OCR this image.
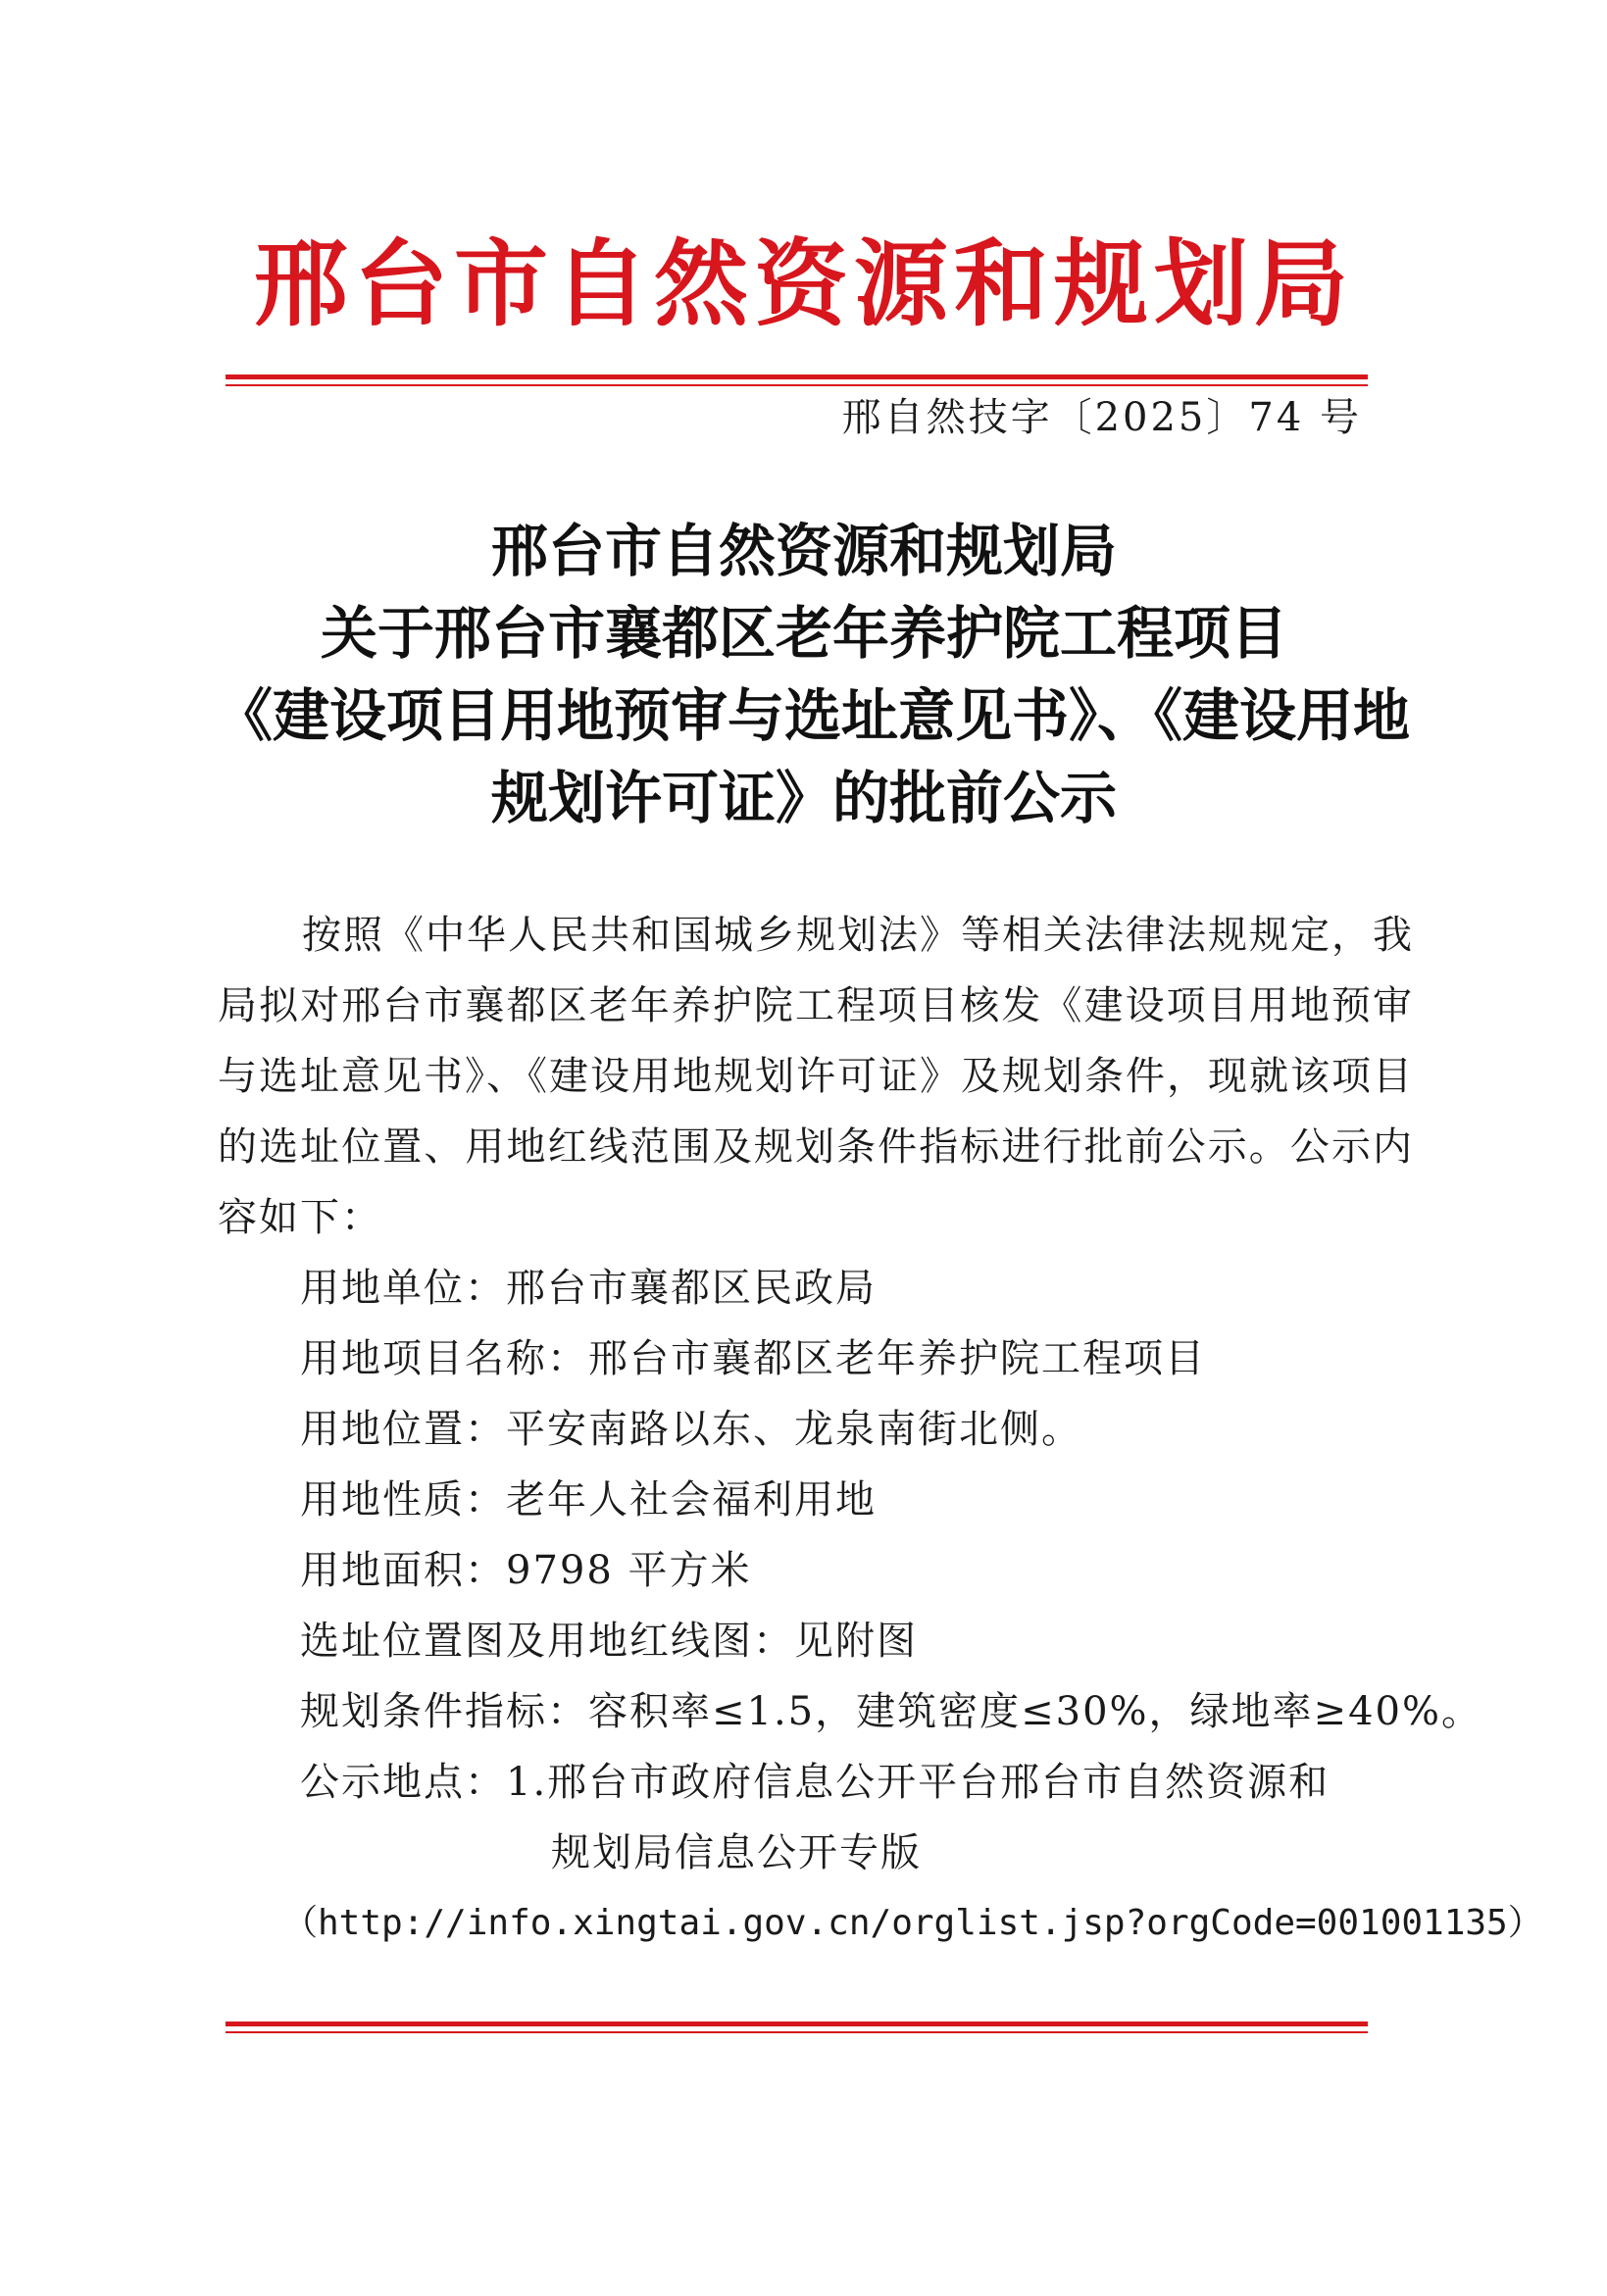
邢台市自然资源和规划局
邢自然技字〔2025〕74 号
邢台市自然资源和规划局
关于邢台市襄都区老年养护院工程项目
《建设项目用地预审与选址意见书》、《建设用地
规划许可证》的批前公示

按照《中华人民共和国城乡规划法》等相关法律法规规定，我局拟对邢台市襄都区老年养护院工程项目核发《建设项目用地预审与选址意见书》、《建设用地规划许可证》及规划条件，现就该项目的选址位置、用地红线范围及规划条件指标进行批前公示。公示内容如下：

用地单位：邢台市襄都区民政局

用地项目名称：邢台市襄都区老年养护院工程项目

用地位置：平安南路以东、龙泉南街北侧。

用地性质：老年人社会福利用地

用地面积：9798 平方米

选址位置图及用地红线图：见附图

规划条件指标：容积率≤1.5，建筑密度≤30%，绿地率≥40%。

公示地点：1.邢台市政府信息公开平台邢台市自然资源和

规划局信息公开专版

（http://info.xingtai.gov.cn/orglist.jsp?orgCode=001001135）
